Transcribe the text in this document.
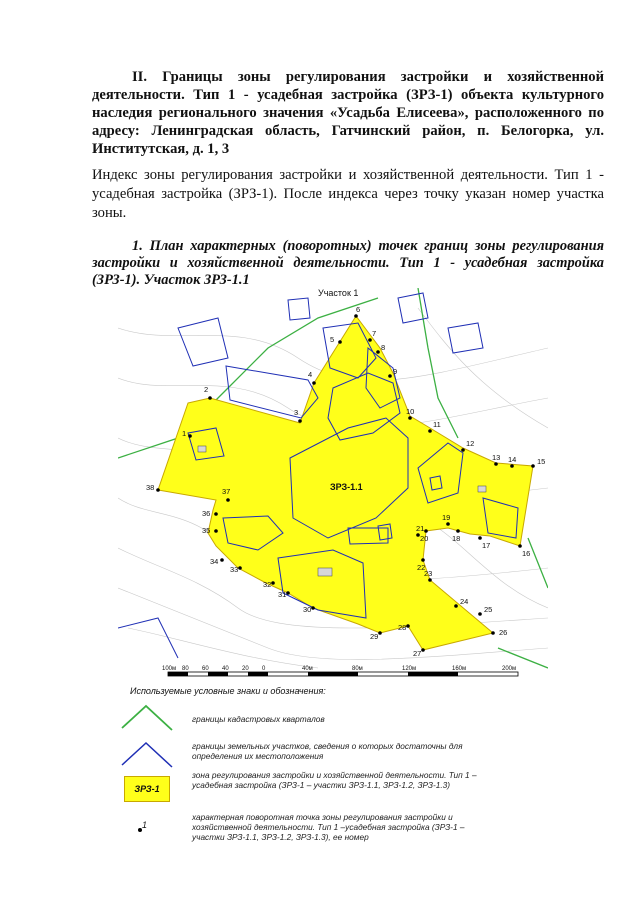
II. Границы зоны регулирования застройки и хозяйственной деятельности. Тип 1 - усадебная застройка (ЗРЗ-1) объекта культурного наследия регионального значения «Усадьба Елисеева», расположенного по адресу: Ленинградская область, Гатчинский район, п. Белогорка, ул. Институтская, д. 1, 3
Индекс зоны регулирования застройки и хозяйственной деятельности. Тип 1 - усадебная застройка (ЗРЗ-1). После индекса через точку указан номер участка зоны.
1. План характерных (поворотных) точек границ зоны регулирования застройки и хозяйственной деятельности. Тип 1 - усадебная застройка (ЗРЗ-1). Участок ЗРЗ-1.1
Участок 1
ЗРЗ-1.1
1
2
3
4
5
6
7
8
9
10
11
12
13 14	15
16
17
18
19
20
21
22
23
24
25
26
27
28
29
30
31
32
33
34
35
36
37
38
100м 80 60 40 20 0	40м	80м	120м	160м	200м
Используемые условные знаки и обозначения:
границы кадастровых кварталов
границы земельных участков, сведения о которых достаточны для определения их местоположения
ЗРЗ-1
зона регулирования застройки и хозяйственной деятельности. Тип 1 – усадебная застройка (ЗРЗ-1 – участки ЗРЗ-1.1, ЗРЗ-1.2, ЗРЗ-1.3)
1
характерная поворотная точка зоны регулирования застройки и хозяйственной деятельности. Тип 1 –усадебная застройка (ЗРЗ-1 – участки ЗРЗ-1.1, ЗРЗ-1.2, ЗРЗ-1.3), ее номер
